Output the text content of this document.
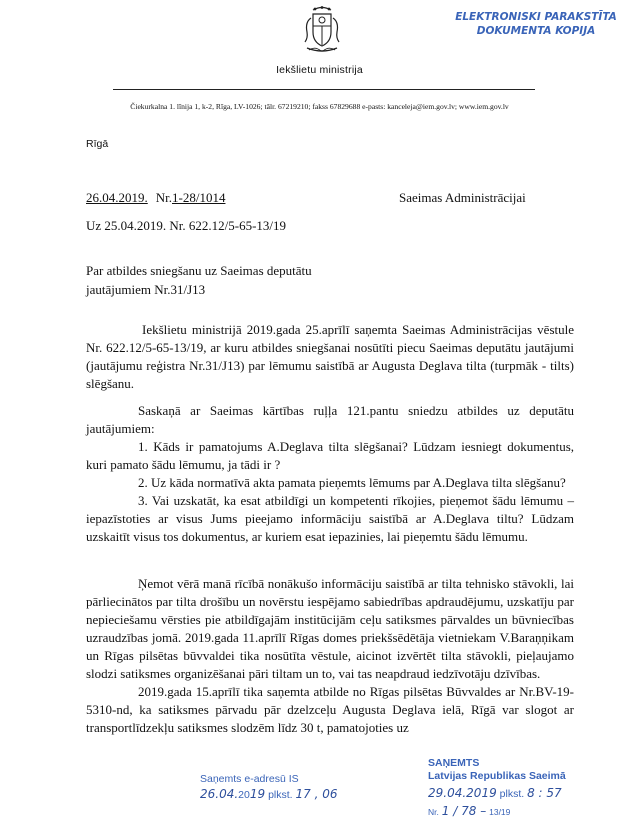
Iekšlietu ministrija
Čiekurkalna 1. līnija 1, k-2, Rīga, LV-1026; tālr. 67219210; fakss 67829688 e-pasts: kanceleja@iem.gov.lv; www.iem.gov.lv
ELEKTRONISKI PARAKSTĪTA
DOKUMENTA KOPIJA
Rīgā
26.04.2019. Nr.1-28/1014	Saeimas Administrācijai
Uz 25.04.2019. Nr. 622.12/5-65-13/19
Par atbildes sniegšanu uz Saeimas deputātu
jautājumiem Nr.31/J13

Iekšlietu ministrijā 2019.gada 25.aprīlī saņemta Saeimas Administrācijas vēstule Nr. 622.12/5-65-13/19, ar kuru atbildes sniegšanai nosūtīti piecu Saeimas deputātu jautājumi (jautājumu reģistra Nr.31/J13) par lēmumu saistībā ar Augusta Deglava tilta (turpmāk - tilts) slēgšanu.

Saskaņā ar Saeimas kārtības ruļļa 121.pantu sniedzu atbildes uz deputātu jautājumiem:

1. Kāds ir pamatojums A.Deglava tilta slēgšanai? Lūdzam iesniegt dokumentus, kuri pamato šādu lēmumu, ja tādi ir ?

2. Uz kāda normatīvā akta pamata pieņemts lēmums par A.Deglava tilta slēgšanu?

3. Vai uzskatāt, ka esat atbildīgi un kompetenti rīkojies, pieņemot šādu lēmumu – iepazīstoties ar visus Jums pieejamo informāciju saistībā ar A.Deglava tiltu? Lūdzam uzskaitīt visus tos dokumentus, ar kuriem esat iepazinies, lai pieņemtu šādu lēmumu.

Ņemot vērā manā rīcībā nonākušo informāciju saistībā ar tilta tehnisko stāvokli, lai pārliecinātos par tilta drošību un novērstu iespējamo sabiedrības apdraudējumu, uzskatīju par nepieciešamu vērsties pie atbildīgajām institūcijām ceļu satiksmes pārvaldes un būvniecības uzraudzības jomā. 2019.gada 11.aprīlī Rīgas domes priekšsēdētāja vietniekam V.Baraņņikam un Rīgas pilsētas būvvaldei tika nosūtīta vēstule, aicinot izvērtēt tilta stāvokli, pieļaujamo slodzi satiksmes organizēšanai pāri tiltam un to, vai tas neapdraud iedzīvotāju dzīvības.

2019.gada 15.aprīlī tika saņemta atbilde no Rīgas pilsētas Būvvaldes ar Nr.BV-19-5310-nd, ka satiksmes pārvadu pār dzelzceļu Augusta Deglava ielā, Rīgā var slogot ar transportlīdzekļu satiksmes slodzēm līdz 30 t, pamatojoties uz

Saņemts e-adresū IS
26.04.2019 plkst. 17 , 06
SAŅEMTS
Latvijas Republikas Saeimā
29.04.2019 plkst. 8 : 57
Nr. 1 / 78 – 13/19
